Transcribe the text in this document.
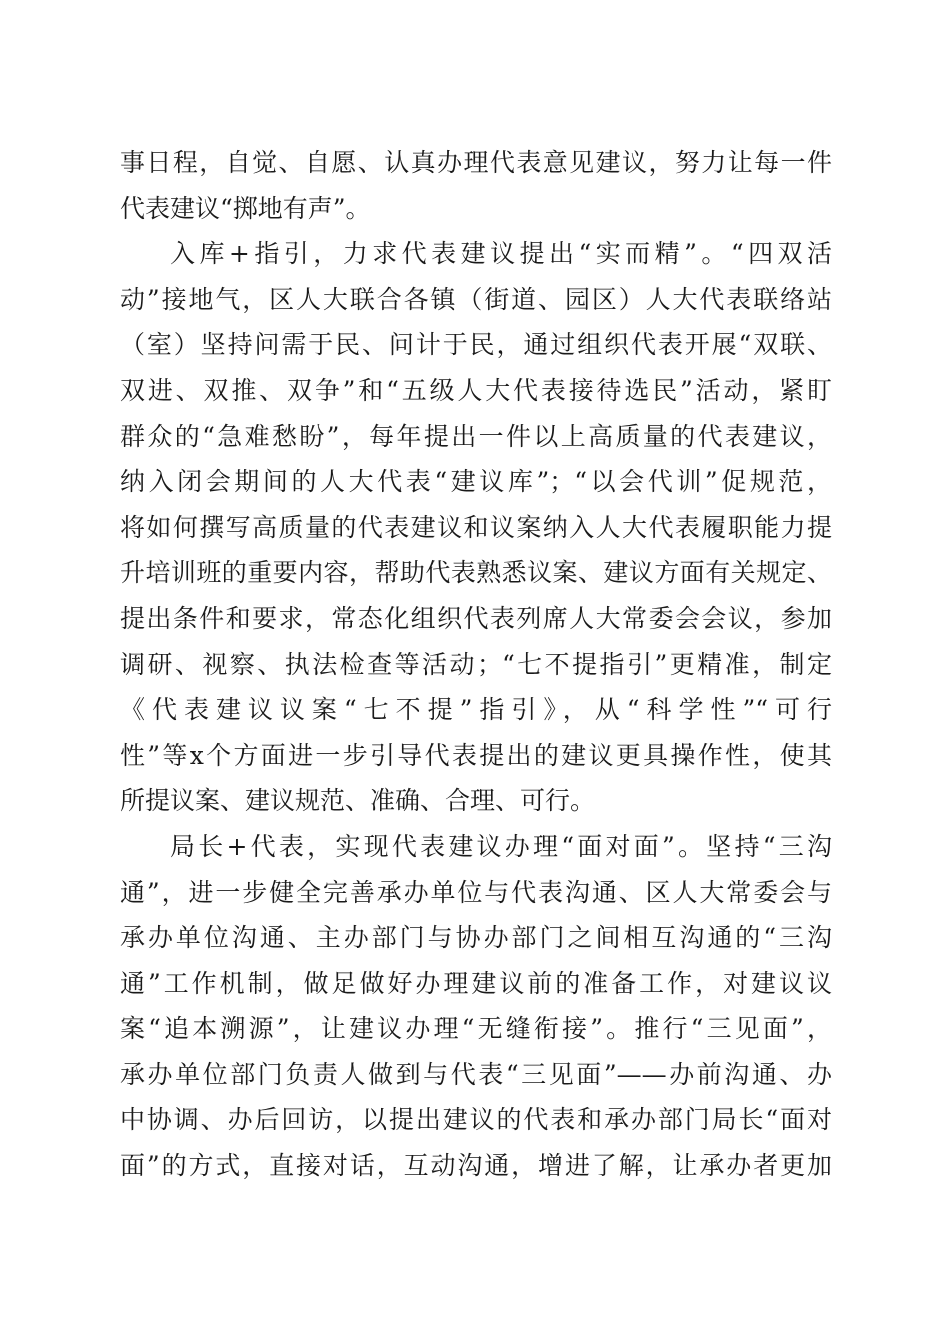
事日程，自觉、自愿、认真办理代表意见建议，努力让每一件
代表建议“掷地有声”。
入库+指引，力求代表建议提出“实而精”。“四双活
动”接地气，区人大联合各镇（街道、园区）人大代表联络站
（室）坚持问需于民、问计于民，通过组织代表开展“双联、
双进、双推、双争”和“五级人大代表接待选民”活动，紧盯
群众的“急难愁盼”，每年提出一件以上高质量的代表建议，
纳入闭会期间的人大代表“建议库”；“以会代训”促规范，
将如何撰写高质量的代表建议和议案纳入人大代表履职能力提
升培训班的重要内容，帮助代表熟悉议案、建议方面有关规定、
提出条件和要求，常态化组织代表列席人大常委会会议，参加
调研、视察、执法检查等活动；“七不提指引”更精准，制定
《代表建议议案“七不提”指引》，从“科学性”“可行
性”等x个方面进一步引导代表提出的建议更具操作性，使其
所提议案、建议规范、准确、合理、可行。
局长+代表，实现代表建议办理“面对面”。坚持“三沟
通”，进一步健全完善承办单位与代表沟通、区人大常委会与
承办单位沟通、主办部门与协办部门之间相互沟通的“三沟
通”工作机制，做足做好办理建议前的准备工作，对建议议
案“追本溯源”，让建议办理“无缝衔接”。推行“三见面”，
承办单位部门负责人做到与代表“三见面”——办前沟通、办
中协调、办后回访，以提出建议的代表和承办部门局长“面对
面”的方式，直接对话，互动沟通，增进了解，让承办者更加
